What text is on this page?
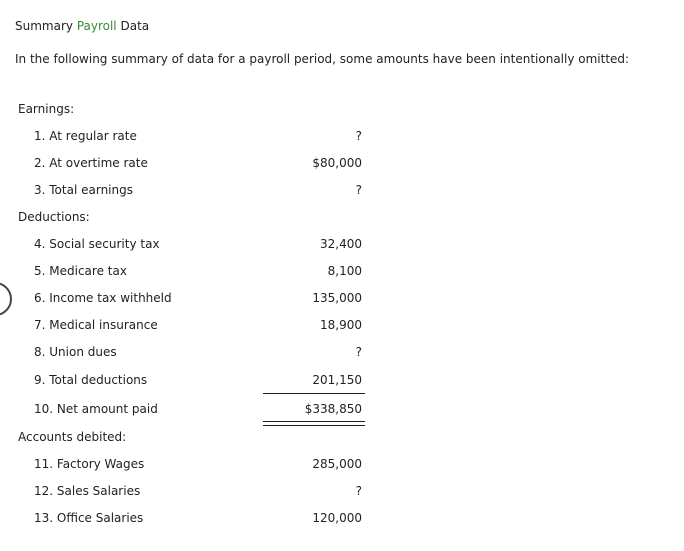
Summary Payroll Data
In the following summary of data for a payroll period, some amounts have been intentionally omitted:
Earnings:
1. At regular rate	?
2. At overtime rate	$80,000
3. Total earnings	?
Deductions:
4. Social security tax	32,400
5. Medicare tax	8,100
6. Income tax withheld	135,000
7. Medical insurance	18,900
8. Union dues	?
9. Total deductions	201,150
10. Net amount paid	$338,850
Accounts debited:
11. Factory Wages	285,000
12. Sales Salaries	?
13. Office Salaries	120,000
